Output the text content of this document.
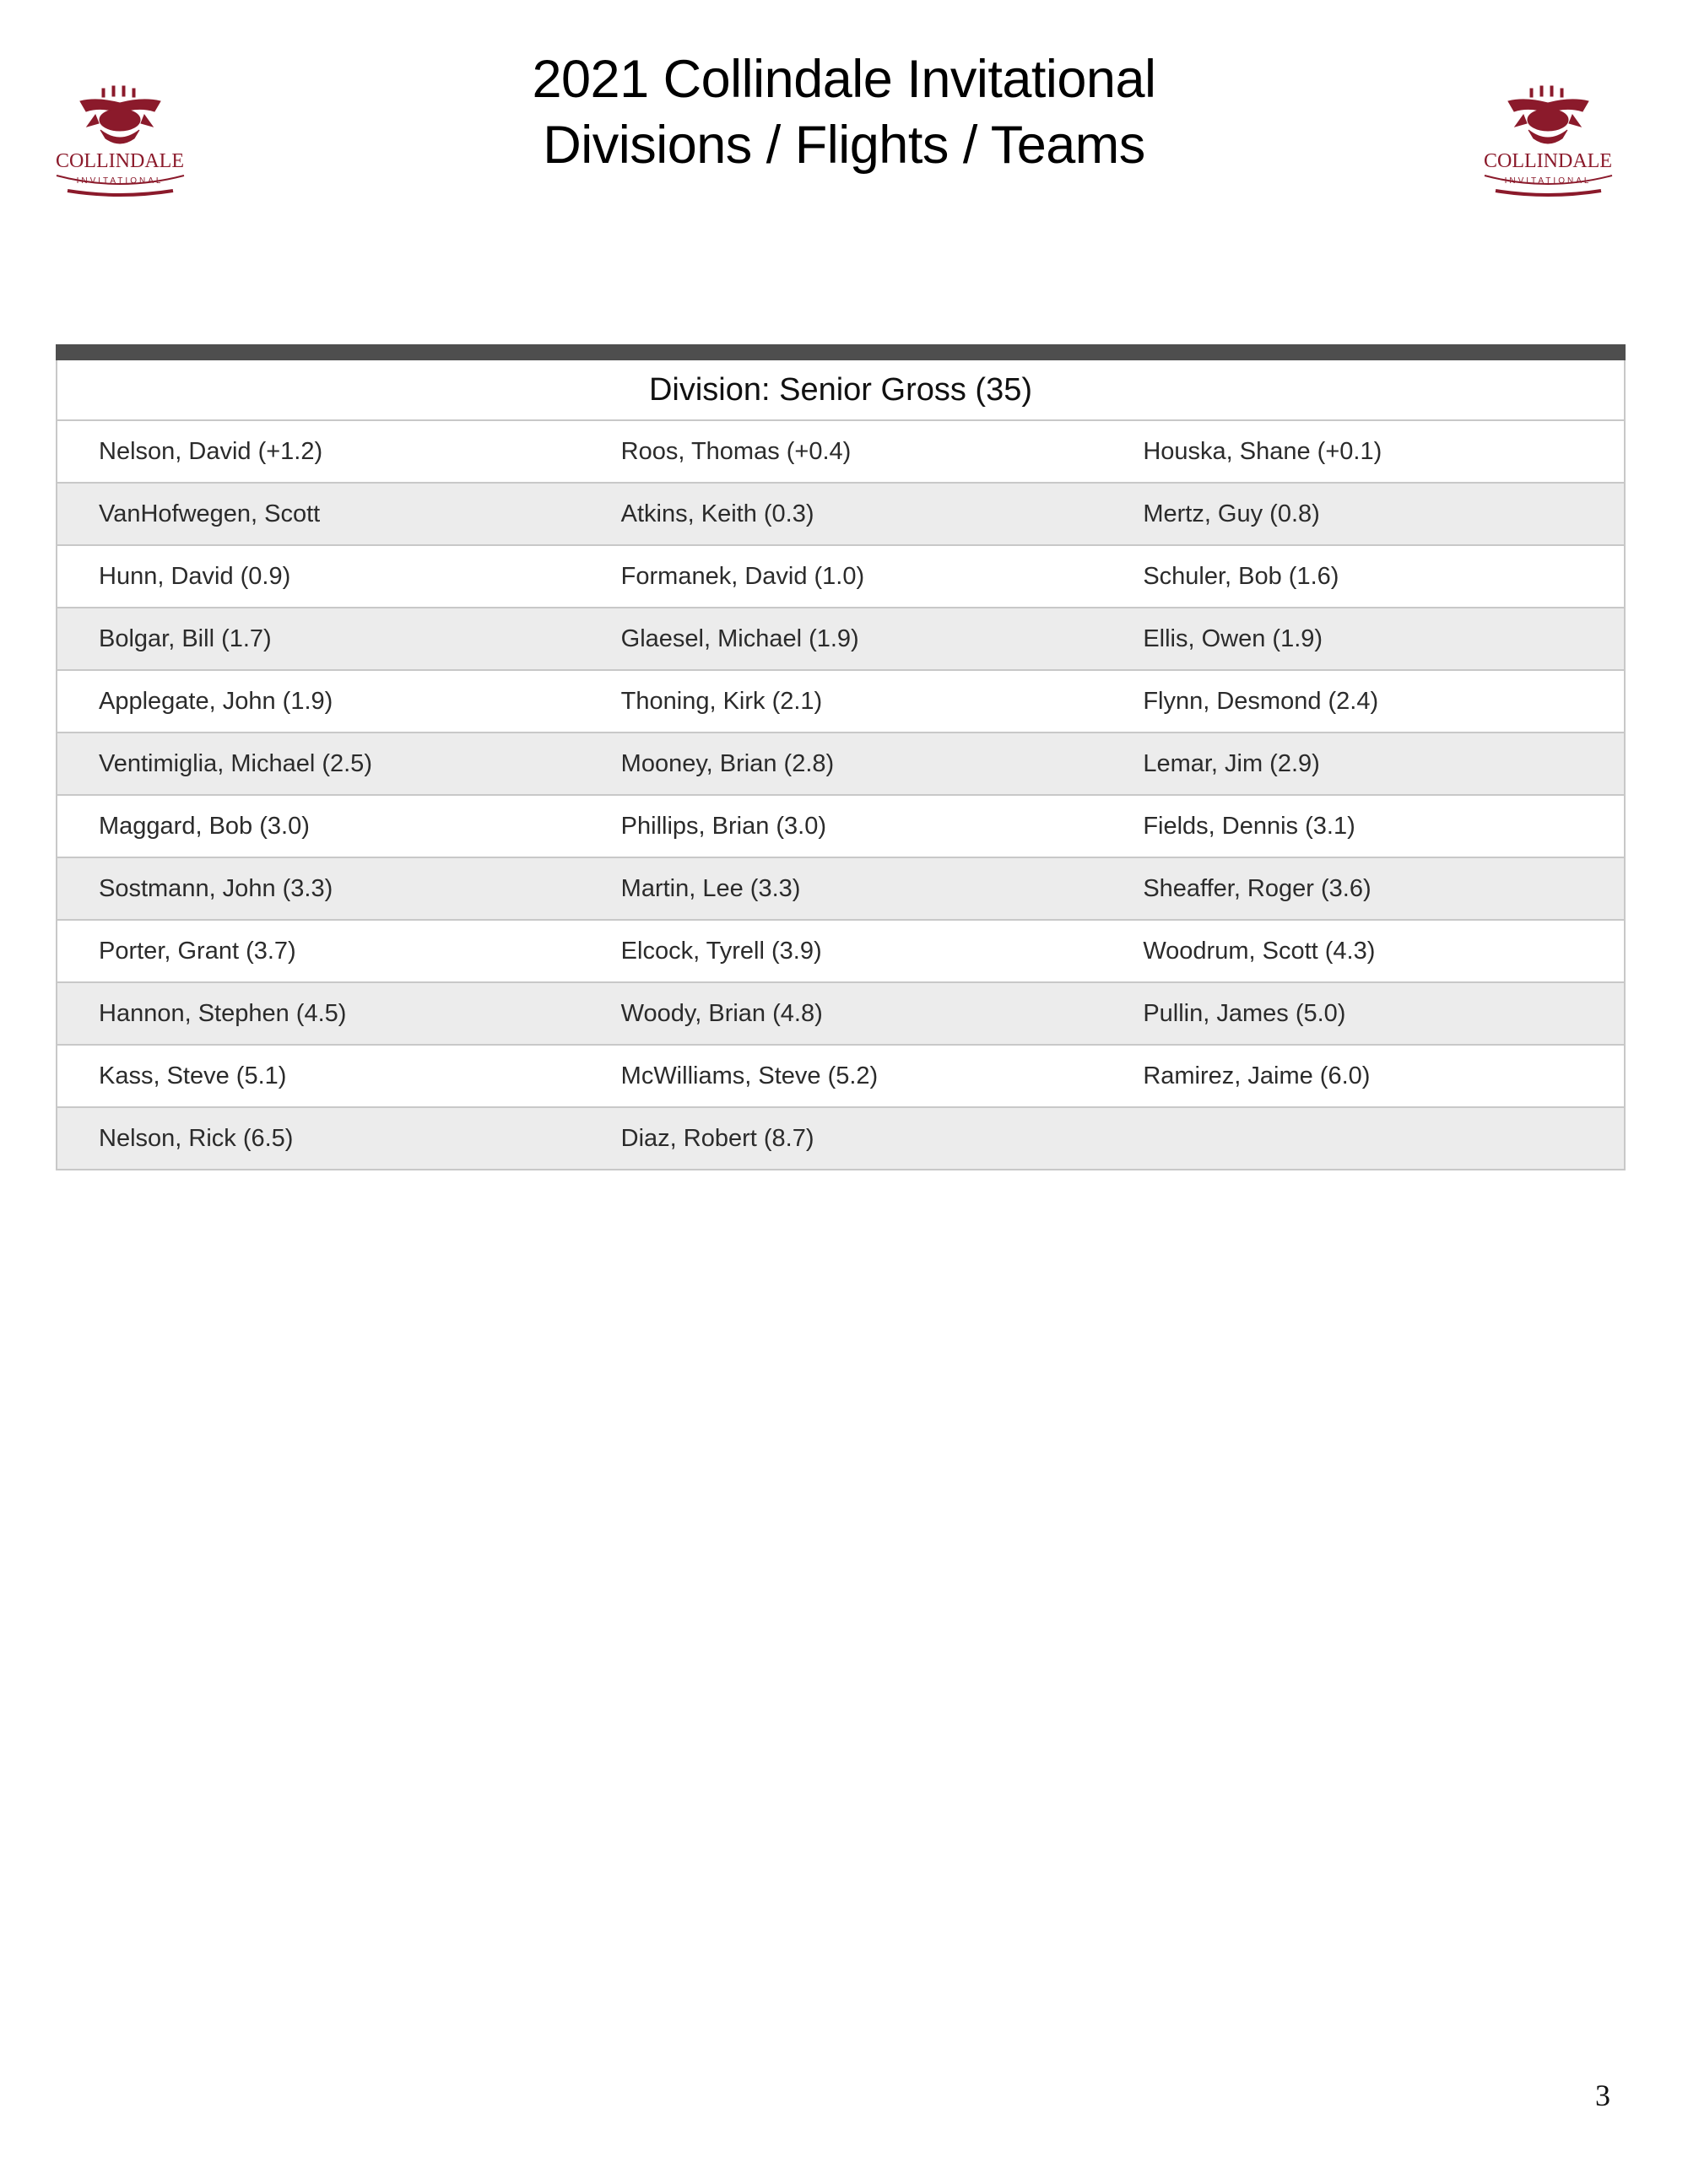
COLLINDALE
INVITATIONAL
2021 Collindale Invitational
Divisions / Flights / Teams	COLLINDALE
INVITATIONAL
Division: Senior Gross (35)
Nelson, David (+1.2)	Roos, Thomas (+0.4)	Houska, Shane (+0.1)
VanHofwegen, Scott	Atkins, Keith (0.3)	Mertz, Guy (0.8)
Hunn, David (0.9)	Formanek, David (1.0)	Schuler, Bob (1.6)
Bolgar, Bill (1.7)	Glaesel, Michael (1.9)	Ellis, Owen (1.9)
Applegate, John (1.9)	Thoning, Kirk (2.1)	Flynn, Desmond (2.4)
Ventimiglia, Michael (2.5)	Mooney, Brian (2.8)	Lemar, Jim (2.9)
Maggard, Bob (3.0)	Phillips, Brian (3.0)	Fields, Dennis (3.1)
Sostmann, John (3.3)	Martin, Lee (3.3)	Sheaffer, Roger (3.6)
Porter, Grant (3.7)	Elcock, Tyrell (3.9)	Woodrum, Scott (4.3)
Hannon, Stephen (4.5)	Woody, Brian (4.8)	Pullin, James (5.0)
Kass, Steve (5.1)	McWilliams, Steve (5.2)	Ramirez, Jaime (6.0)
Nelson, Rick (6.5)	Diaz, Robert (8.7)
3
